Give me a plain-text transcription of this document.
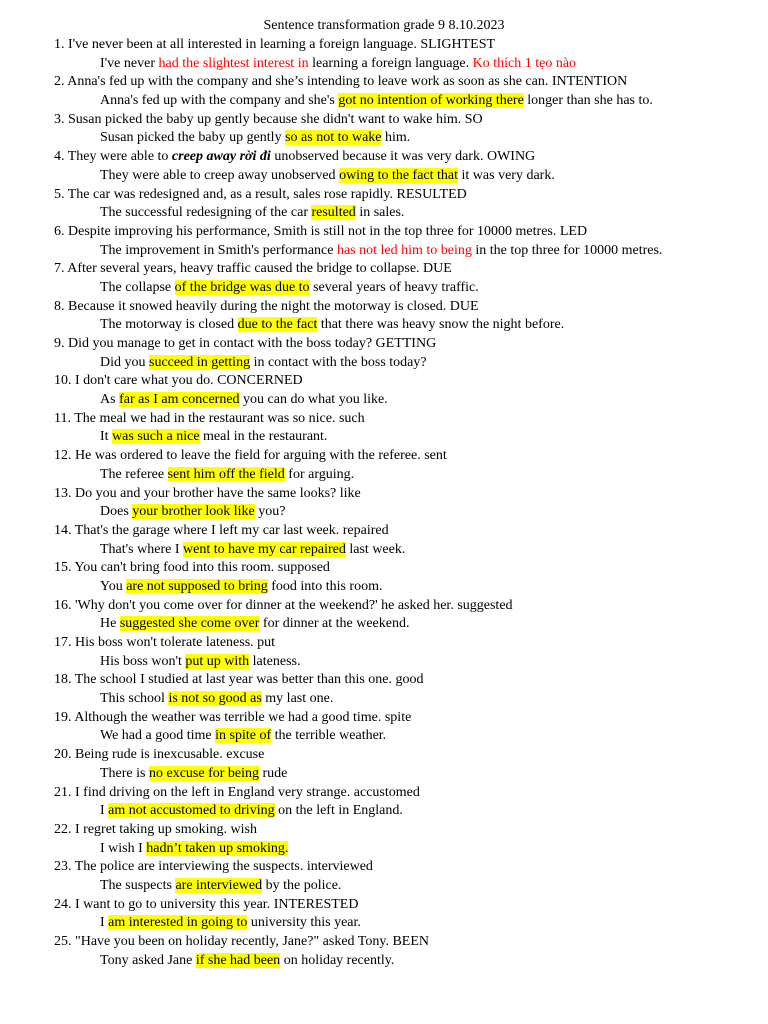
Sentence transformation grade 9 8.10.2023
1. I've never been at all interested in learning a foreign language. SLIGHTEST
I've never had the slightest interest in learning a foreign language. Ko thích 1 tẹo nào
2. Anna's fed up with the company and she’s intending to leave work as soon as she can. INTENTION
Anna's fed up with the company and she's got no intention of working there longer than she has to.
3. Susan picked the baby up gently because she didn't want to wake him. SO
Susan picked the baby up gently so as not to wake him.
4. They were able to creep away rời đi unobserved because it was very dark. OWING
They were able to creep away unobserved owing to the fact that it was very dark.
5. The car was redesigned and, as a result, sales rose rapidly. RESULTED
The successful redesigning of the car resulted in sales.
6. Despite improving his performance, Smith is still not in the top three for 10000 metres. LED
The improvement in Smith's performance has not led him to being in the top three for 10000 metres.
7. After several years, heavy traffic caused the bridge to collapse. DUE
The collapse of the bridge was due to several years of heavy traffic.
8. Because it snowed heavily during the night the motorway is closed. DUE
The motorway is closed due to the fact that there was heavy snow the night before.
9. Did you manage to get in contact with the boss today? GETTING
Did you succeed in getting in contact with the boss today?
10. I don't care what you do. CONCERNED
As far as I am concerned you can do what you like.
11. The meal we had in the restaurant was so nice. such
It was such a nice meal in the restaurant.
12. He was ordered to leave the field for arguing with the referee. sent
The referee sent him off the field for arguing.
13. Do you and your brother have the same looks? like
Does your brother look like you?
14. That's the garage where I left my car last week. repaired
That's where I went to have my car repaired last week.
15. You can't bring food into this room. supposed
You are not supposed to bring food into this room.
16. 'Why don't you come over for dinner at the weekend?' he asked her. suggested
He suggested she come over for dinner at the weekend.
17. His boss won't tolerate lateness. put
His boss won't put up with lateness.
18. The school I studied at last year was better than this one. good
This school is not so good as my last one.
19. Although the weather was terrible we had a good time. spite
We had a good time in spite of the terrible weather.
20. Being rude is inexcusable. excuse
There is no excuse for being rude
21. I find driving on the left in England very strange. accustomed
I am not accustomed to driving on the left in England.
22. I regret taking up smoking. wish
I wish I hadn’t taken up smoking.
23. The police are interviewing the suspects. interviewed
The suspects are interviewed by the police.
24. I want to go to university this year. INTERESTED
I am interested in going to university this year.
25. "Have you been on holiday recently, Jane?" asked Tony. BEEN
Tony asked Jane if she had been on holiday recently.
